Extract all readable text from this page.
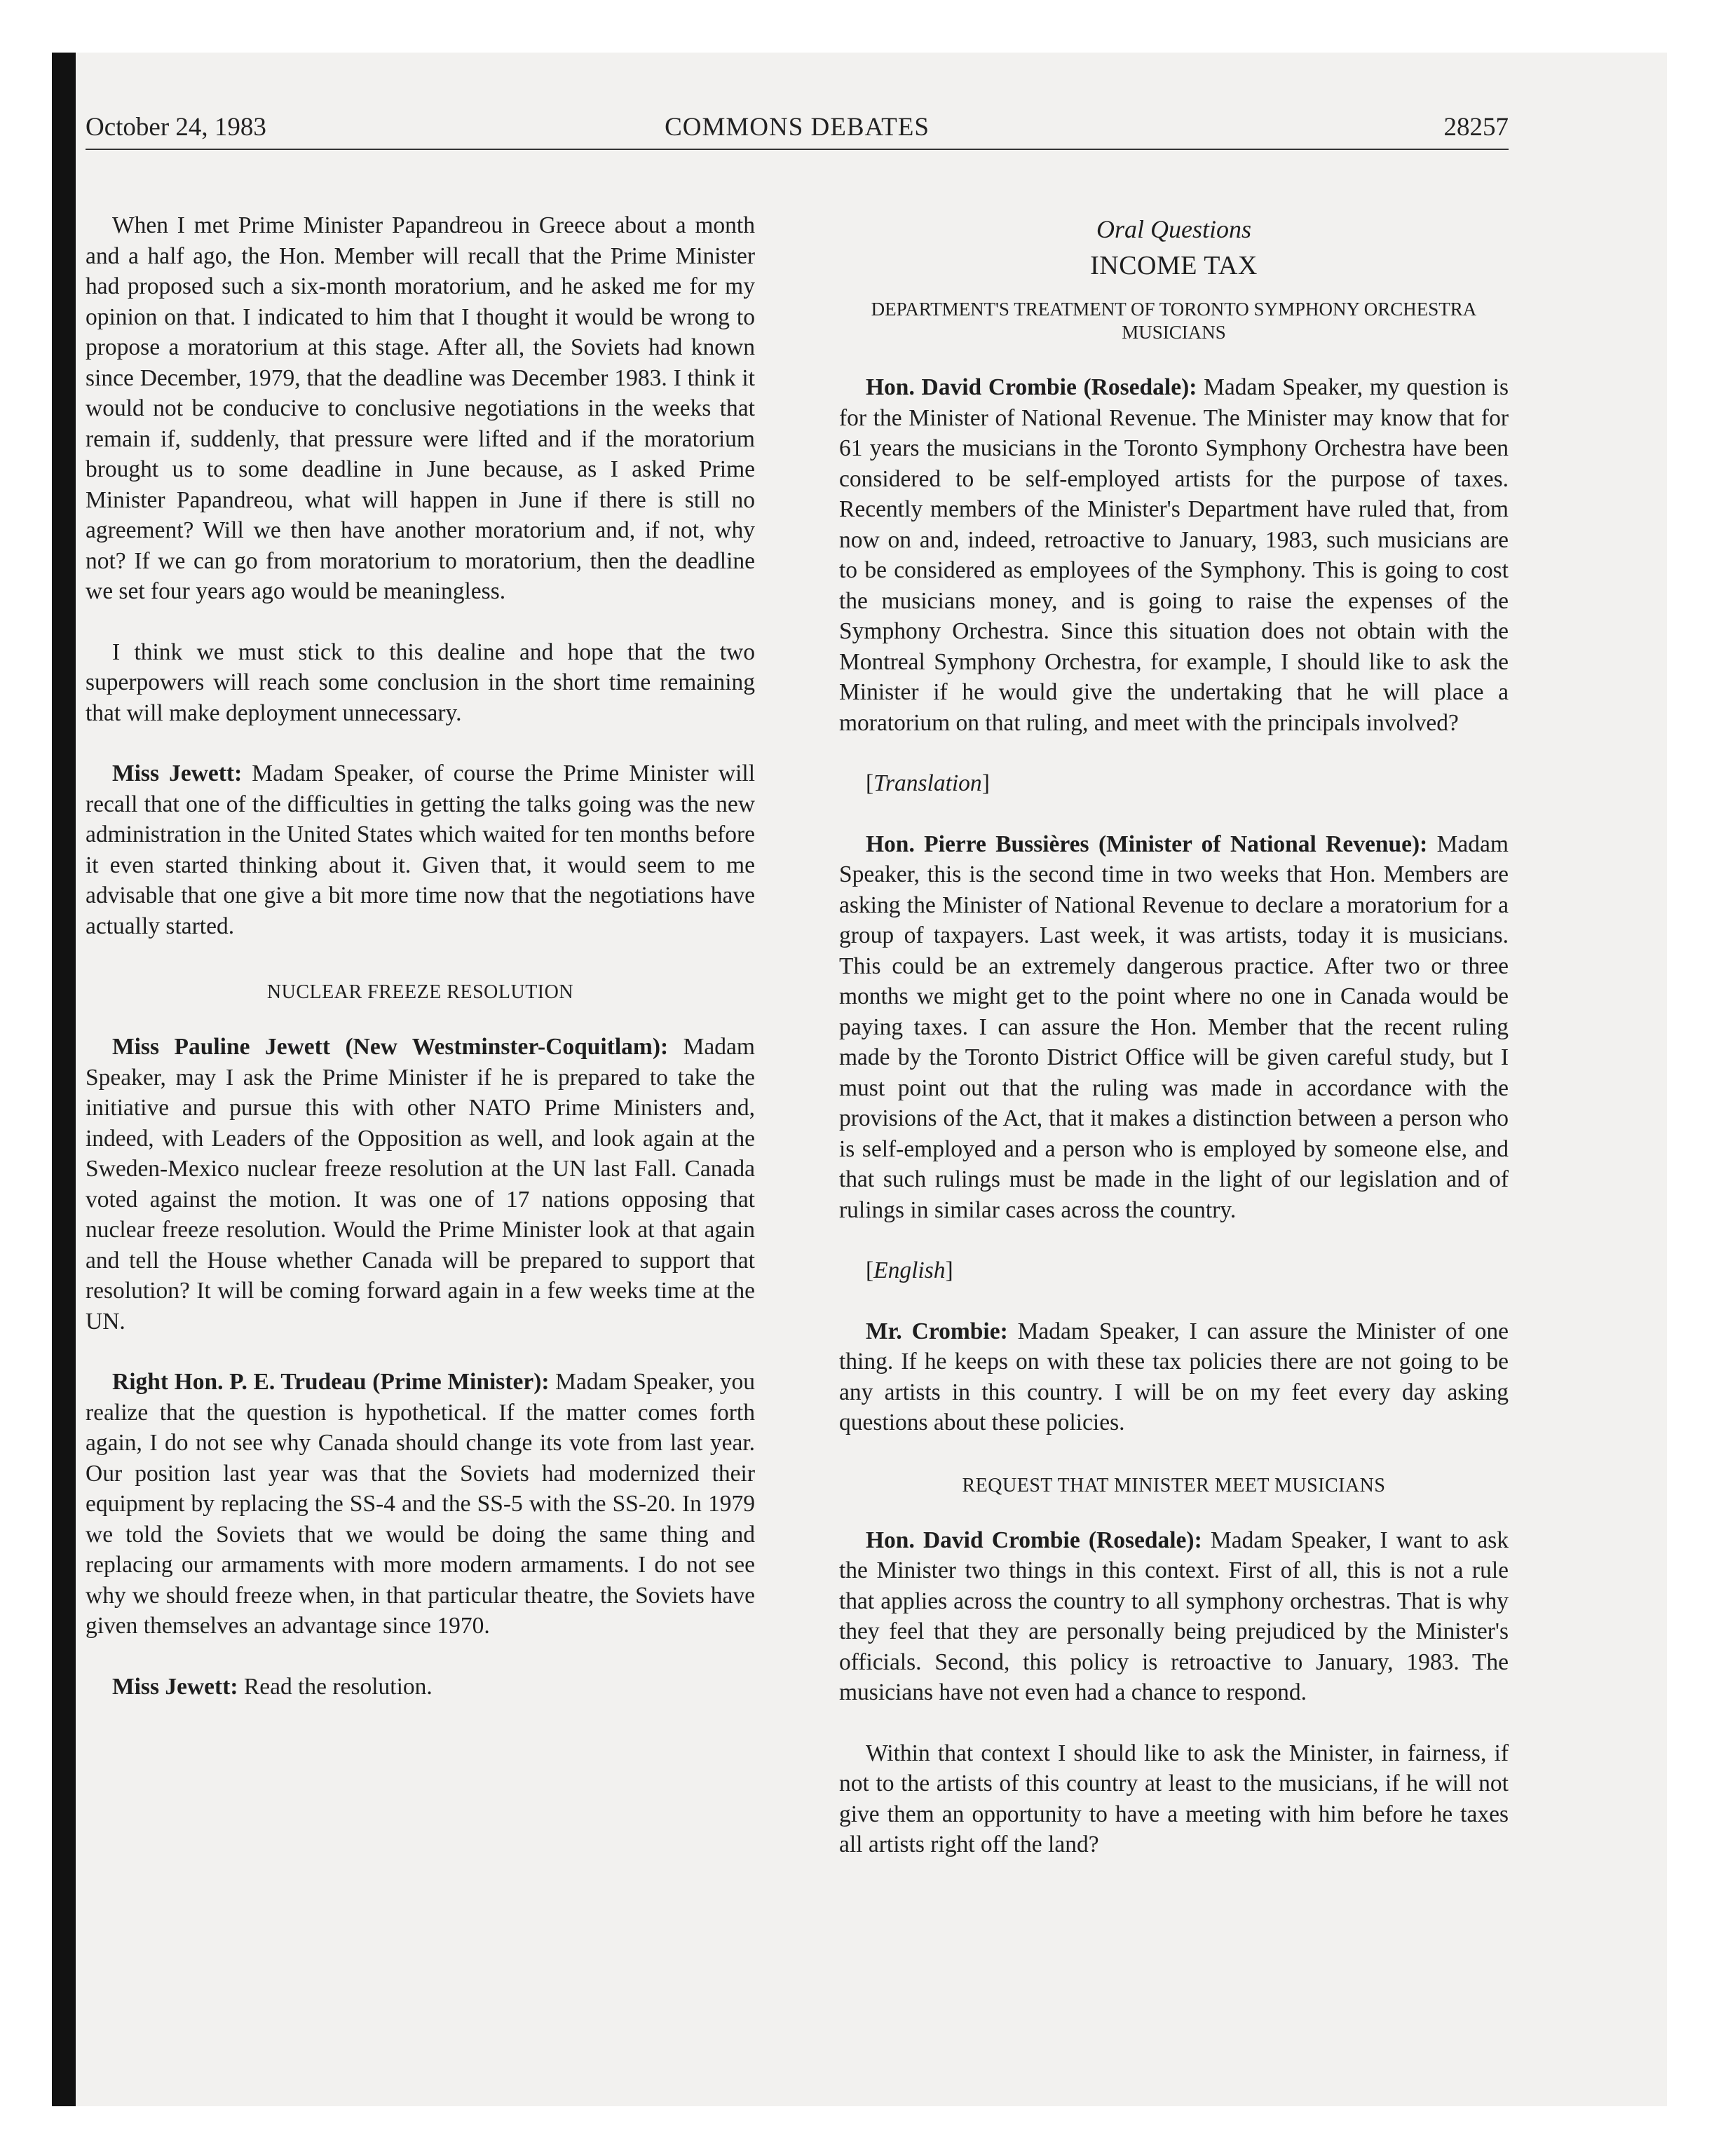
October 24, 1983	COMMONS DEBATES	28257

When I met Prime Minister Papandreou in Greece about a month and a half ago, the Hon. Member will recall that the Prime Minister had proposed such a six-month moratorium, and he asked me for my opinion on that. I indicated to him that I thought it would be wrong to propose a moratorium at this stage. After all, the Soviets had known since December, 1979, that the deadline was December 1983. I think it would not be conducive to conclusive negotiations in the weeks that remain if, suddenly, that pressure were lifted and if the moratorium brought us to some deadline in June because, as I asked Prime Minister Papandreou, what will happen in June if there is still no agreement? Will we then have another moratorium and, if not, why not? If we can go from moratorium to moratorium, then the deadline we set four years ago would be meaningless.

I think we must stick to this dealine and hope that the two superpowers will reach some conclusion in the short time remaining that will make deployment unnecessary.

Miss Jewett: Madam Speaker, of course the Prime Minister will recall that one of the difficulties in getting the talks going was the new administration in the United States which waited for ten months before it even started thinking about it. Given that, it would seem to me advisable that one give a bit more time now that the negotiations have actually started.

NUCLEAR FREEZE RESOLUTION

Miss Pauline Jewett (New Westminster-Coquitlam): Madam Speaker, may I ask the Prime Minister if he is prepared to take the initiative and pursue this with other NATO Prime Ministers and, indeed, with Leaders of the Opposition as well, and look again at the Sweden-Mexico nuclear freeze resolution at the UN last Fall. Canada voted against the motion. It was one of 17 nations opposing that nuclear freeze resolution. Would the Prime Minister look at that again and tell the House whether Canada will be prepared to support that resolution? It will be coming forward again in a few weeks time at the UN.

Right Hon. P. E. Trudeau (Prime Minister): Madam Speaker, you realize that the question is hypothetical. If the matter comes forth again, I do not see why Canada should change its vote from last year. Our position last year was that the Soviets had modernized their equipment by replacing the SS-4 and the SS-5 with the SS-20. In 1979 we told the Soviets that we would be doing the same thing and replacing our armaments with more modern armaments. I do not see why we should freeze when, in that particular theatre, the Soviets have given themselves an advantage since 1970.

Miss Jewett: Read the resolution.

Oral Questions
INCOME TAX
DEPARTMENT'S TREATMENT OF TORONTO SYMPHONY ORCHESTRA MUSICIANS

Hon. David Crombie (Rosedale): Madam Speaker, my question is for the Minister of National Revenue. The Minister may know that for 61 years the musicians in the Toronto Symphony Orchestra have been considered to be self-employed artists for the purpose of taxes. Recently members of the Minister's Department have ruled that, from now on and, indeed, retroactive to January, 1983, such musicians are to be considered as employees of the Symphony. This is going to cost the musicians money, and is going to raise the expenses of the Symphony Orchestra. Since this situation does not obtain with the Montreal Symphony Orchestra, for example, I should like to ask the Minister if he would give the undertaking that he will place a moratorium on that ruling, and meet with the principals involved?

[Translation]

Hon. Pierre Bussières (Minister of National Revenue): Madam Speaker, this is the second time in two weeks that Hon. Members are asking the Minister of National Revenue to declare a moratorium for a group of taxpayers. Last week, it was artists, today it is musicians. This could be an extremely dangerous practice. After two or three months we might get to the point where no one in Canada would be paying taxes. I can assure the Hon. Member that the recent ruling made by the Toronto District Office will be given careful study, but I must point out that the ruling was made in accordance with the provisions of the Act, that it makes a distinction between a person who is self-employed and a person who is employed by someone else, and that such rulings must be made in the light of our legislation and of rulings in similar cases across the country.

[English]

Mr. Crombie: Madam Speaker, I can assure the Minister of one thing. If he keeps on with these tax policies there are not going to be any artists in this country. I will be on my feet every day asking questions about these policies.

REQUEST THAT MINISTER MEET MUSICIANS

Hon. David Crombie (Rosedale): Madam Speaker, I want to ask the Minister two things in this context. First of all, this is not a rule that applies across the country to all symphony orchestras. That is why they feel that they are personally being prejudiced by the Minister's officials. Second, this policy is retroactive to January, 1983. The musicians have not even had a chance to respond.

Within that context I should like to ask the Minister, in fairness, if not to the artists of this country at least to the musicians, if he will not give them an opportunity to have a meeting with him before he taxes all artists right off the land?
